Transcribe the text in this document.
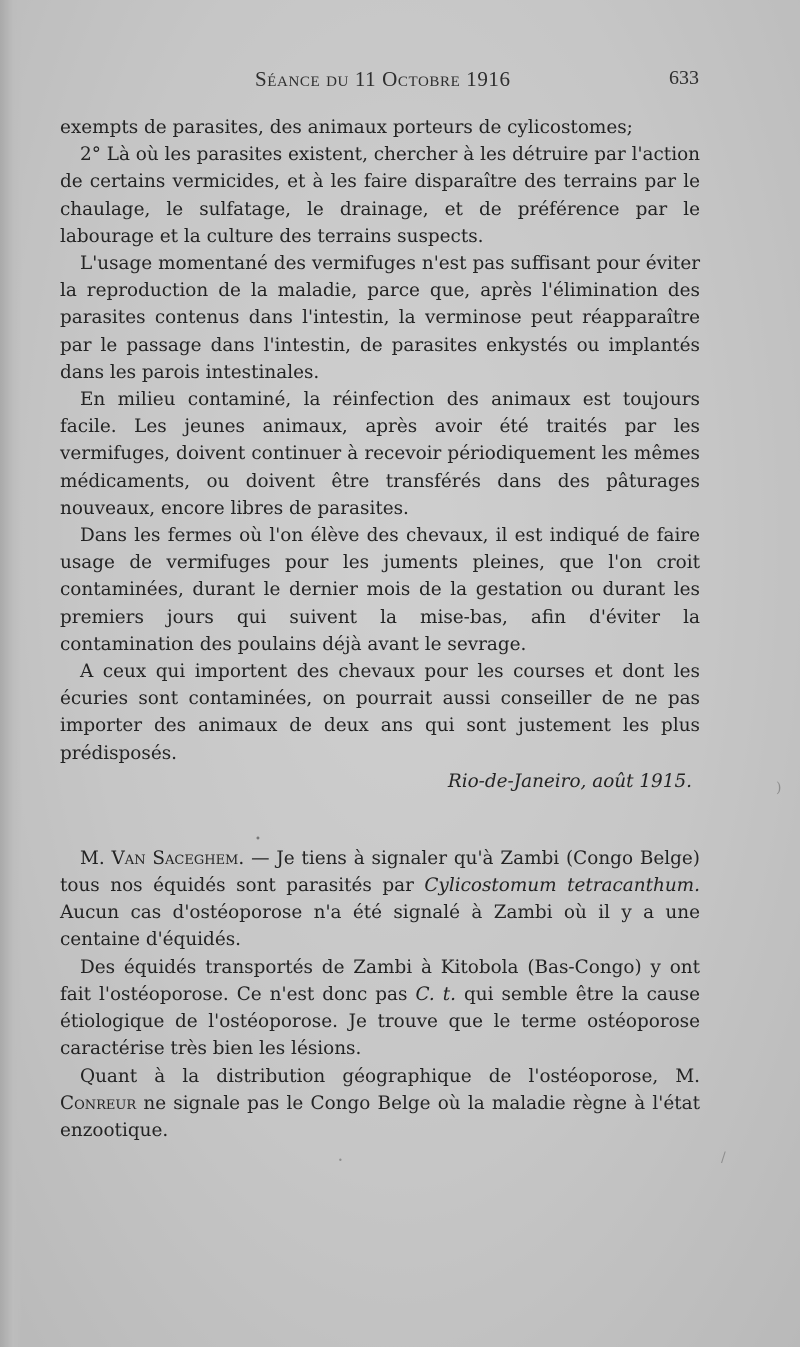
Séance du 11 Octobre 1916	633

exempts de parasites, des animaux porteurs de cylicostomes;

2° Là où les parasites existent, chercher à les détruire par l'action de certains vermicides, et à les faire disparaître des terrains par le chaulage, le sulfatage, le drainage, et de préférence par le labourage et la culture des terrains suspects.

L'usage momentané des vermifuges n'est pas suffisant pour éviter la reproduction de la maladie, parce que, après l'élimination des parasites contenus dans l'intestin, la verminose peut réapparaître par le passage dans l'intestin, de parasites enkystés ou implantés dans les parois intestinales.

En milieu contaminé, la réinfection des animaux est toujours facile. Les jeunes animaux, après avoir été traités par les vermifuges, doivent continuer à recevoir périodiquement les mêmes médicaments, ou doivent être transférés dans des pâturages nouveaux, encore libres de parasites.

Dans les fermes où l'on élève des chevaux, il est indiqué de faire usage de vermifuges pour les juments pleines, que l'on croit contaminées, durant le dernier mois de la gestation ou durant les premiers jours qui suivent la mise-bas, afin d'éviter la contamination des poulains déjà avant le sevrage.

A ceux qui importent des chevaux pour les courses et dont les écuries sont contaminées, on pourrait aussi conseiller de ne pas importer des animaux de deux ans qui sont justement les plus prédisposés.

Rio-de-Janeiro, août 1915.
•

M. Van Saceghem. — Je tiens à signaler qu'à Zambi (Congo Belge) tous nos équidés sont parasités par Cylicostomum tetracanthum. Aucun cas d'ostéoporose n'a été signalé à Zambi où il y a une centaine d'équidés.

Des équidés transportés de Zambi à Kitobola (Bas-Congo) y ont fait l'ostéoporose. Ce n'est donc pas C. t. qui semble être la cause étiologique de l'ostéoporose. Je trouve que le terme ostéoporose caractérise très bien les lésions.

Quant à la distribution géographique de l'ostéoporose, M. Conreur ne signale pas le Congo Belge où la maladie règne à l'état enzootique.

)
/
•
